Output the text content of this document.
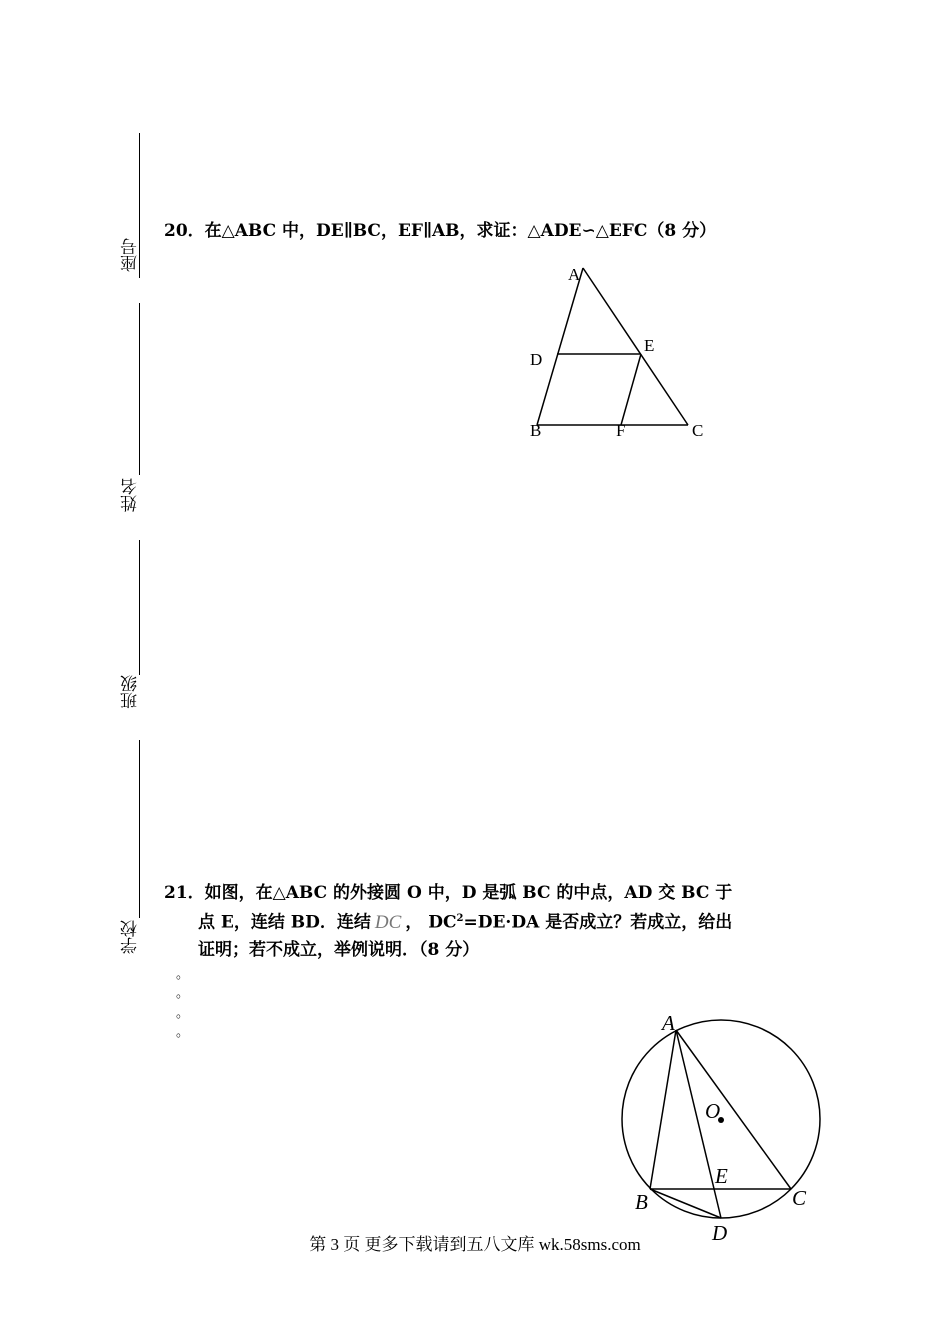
座号
姓名
班级
学校
20．在△ABC 中，DE∥BC，EF∥AB，求证：△ADE∽△EFC（8 分）
A
D
E
B	F	C
21．如图，在△ABC 的外接圆 O 中，D 是弧 BC 的中点，AD 交 BC 于
点 E，连结 BD．连结 DC ， $DC^2=DE\cdot DA$ 是否成立？若成立，给出
证明；若不成立，举例说明．（8 分）
。
。
。
。	A
O
E
B	C
D
第 3 页 更多下载请到五八文库 wk.58sms.com
